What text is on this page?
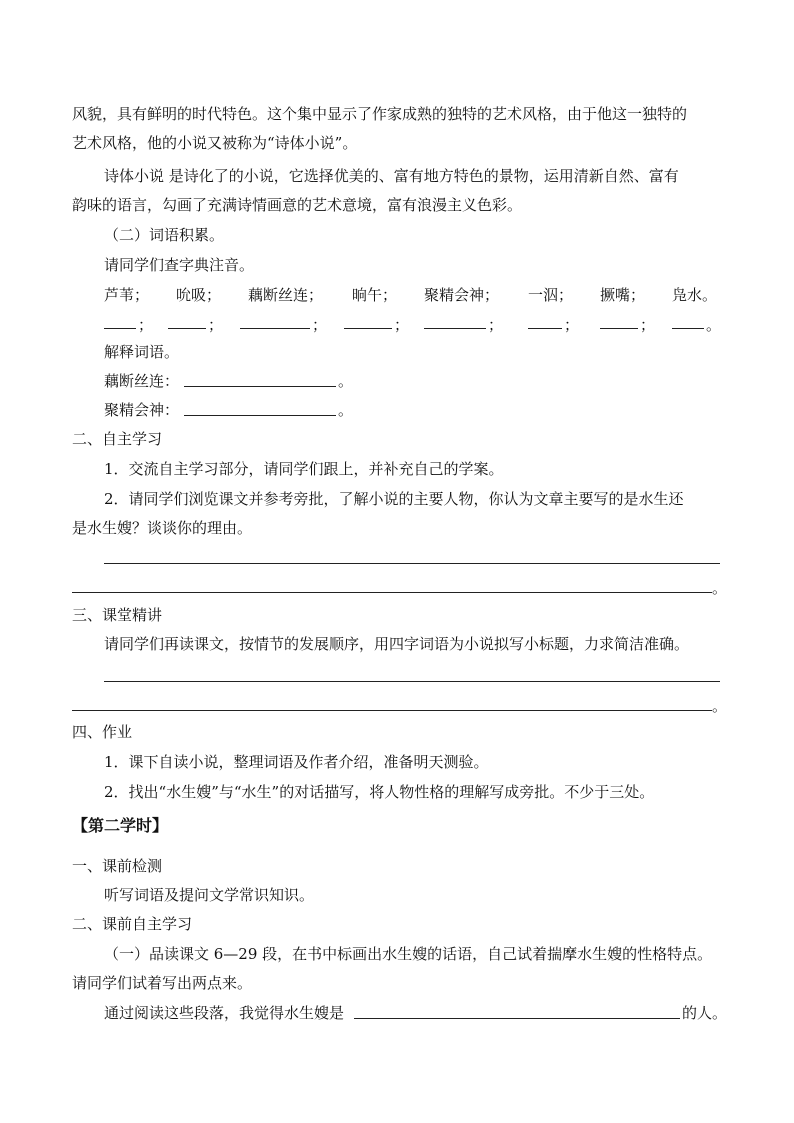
风貌，具有鲜明的时代特色。这个集中显示了作家成熟的独特的艺术风格，由于他这一独特的
艺术风格，他的小说又被称为“诗体小说”。
诗体小说 是诗化了的小说，它选择优美的、富有地方特色的景物，运用清新自然、富有
韵味的语言，勾画了充满诗情画意的艺术意境，富有浪漫主义色彩。
（二）词语积累。
请同学们查字典注音。
芦苇； 吮吸； 藕断丝连； 晌午； 聚精会神； 一泅； 撅嘴； 凫水。
；	；	；	；	；	；	；	。
解释词语。
藕断丝连：	。
聚精会神：	。
二、自主学习
1．交流自主学习部分，请同学们跟上，并补充自己的学案。
2．请同学们浏览课文并参考旁批，了解小说的主要人物，你认为文章主要写的是水生还
是水生嫂？谈谈你的理由。
。
三、课堂精讲
请同学们再读课文，按情节的发展顺序，用四字词语为小说拟写小标题，力求简洁准确。
。
四、作业
1．课下自读小说，整理词语及作者介绍，准备明天测验。
2．找出“水生嫂”与“水生”的对话描写，将人物性格的理解写成旁批。不少于三处。
【第二学时】
一、课前检测
听写词语及提问文学常识知识。
二、课前自主学习
（一）品读课文 6—29 段，在书中标画出水生嫂的话语，自己试着揣摩水生嫂的性格特点。
请同学们试着写出两点来。
通过阅读这些段落，我觉得水生嫂是	的人。
